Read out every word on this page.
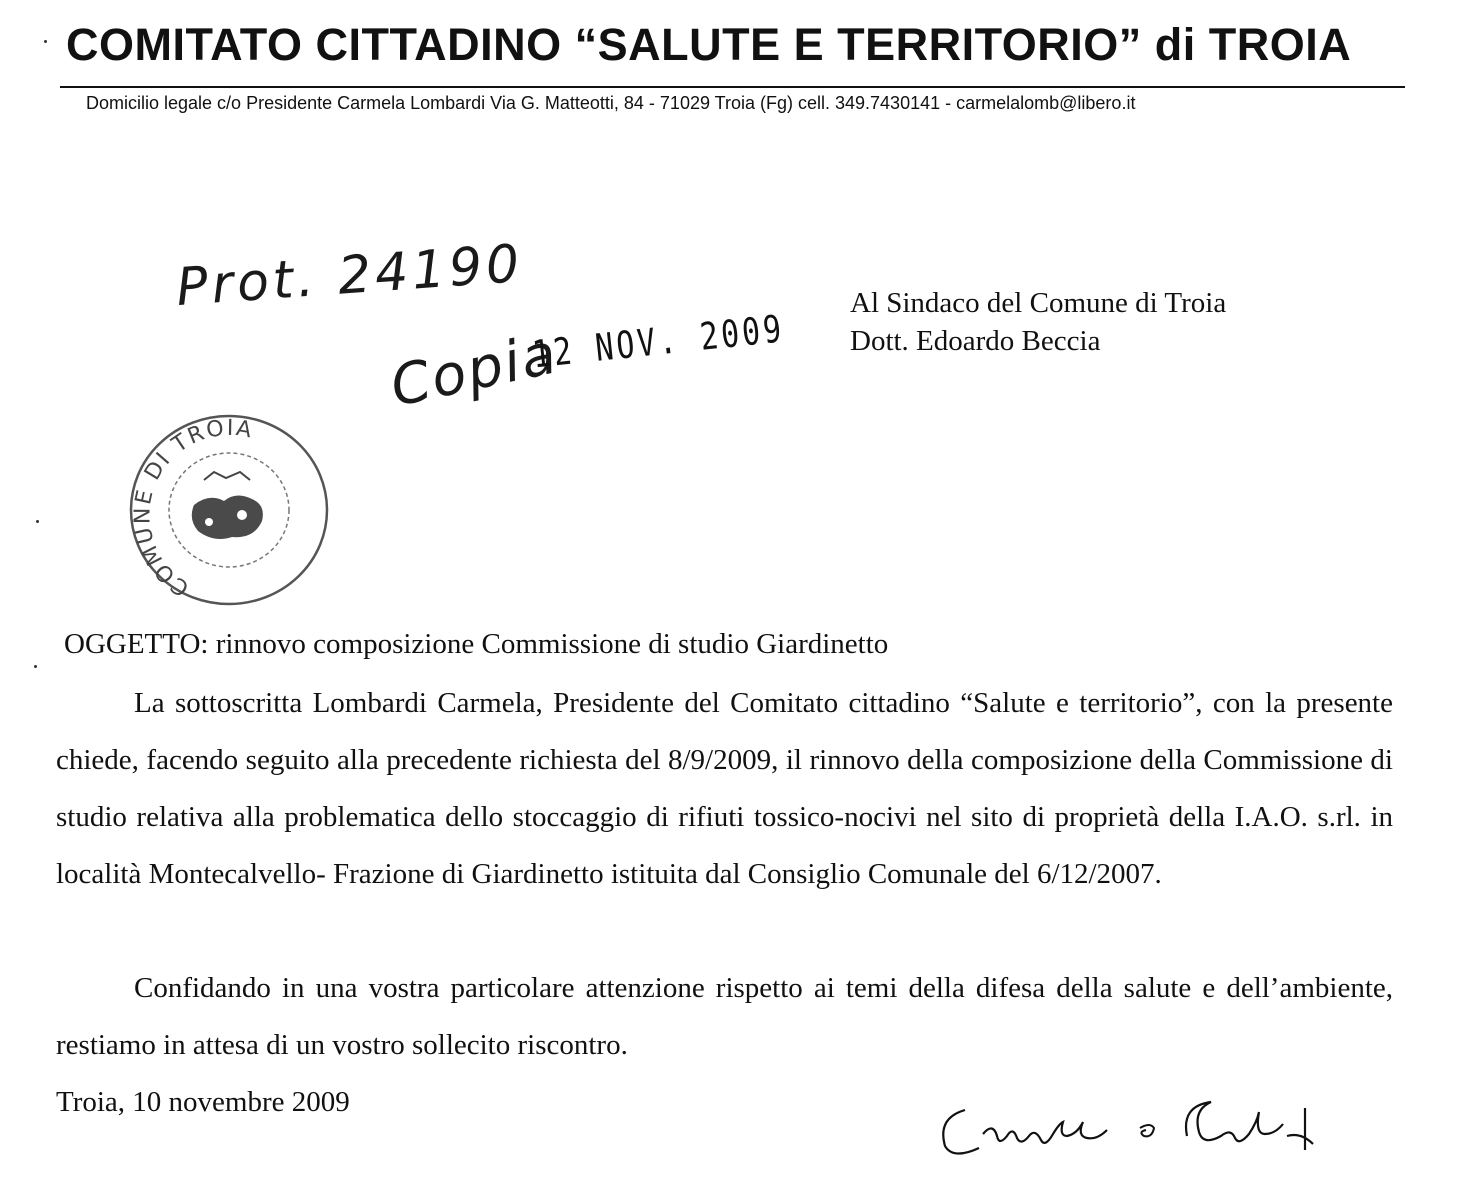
COMITATO CITTADINO “SALUTE E TERRITORIO” di TROIA
Domicilio legale c/o Presidente Carmela Lombardi Via G. Matteotti, 84 - 71029 Troia (Fg) cell. 349.7430141 - carmelalomb@libero.it
Prot. 24190
Copia
12 NOV. 2009
COMUNE DI TROIA
Al Sindaco del Comune di Troia
Dott. Edoardo Beccia
OGGETTO: rinnovo composizione Commissione di studio Giardinetto

La sottoscritta Lombardi Carmela, Presidente del Comitato cittadino “Salute e territorio”, con la presente chiede, facendo seguito alla precedente richiesta del 8/9/2009, il rinnovo della composizione della Commissione di studio relativa alla problematica dello stoccaggio di rifiuti tossico-nocivi nel sito di proprietà della I.A.O. s.rl. in località Montecalvello- Frazione di Giardinetto istituita dal Consiglio Comunale del 6/12/2007.

Confidando in una vostra particolare attenzione rispetto ai temi della difesa della salute e dell’ambiente, restiamo in attesa di un vostro sollecito riscontro.

Troia, 10 novembre 2009
